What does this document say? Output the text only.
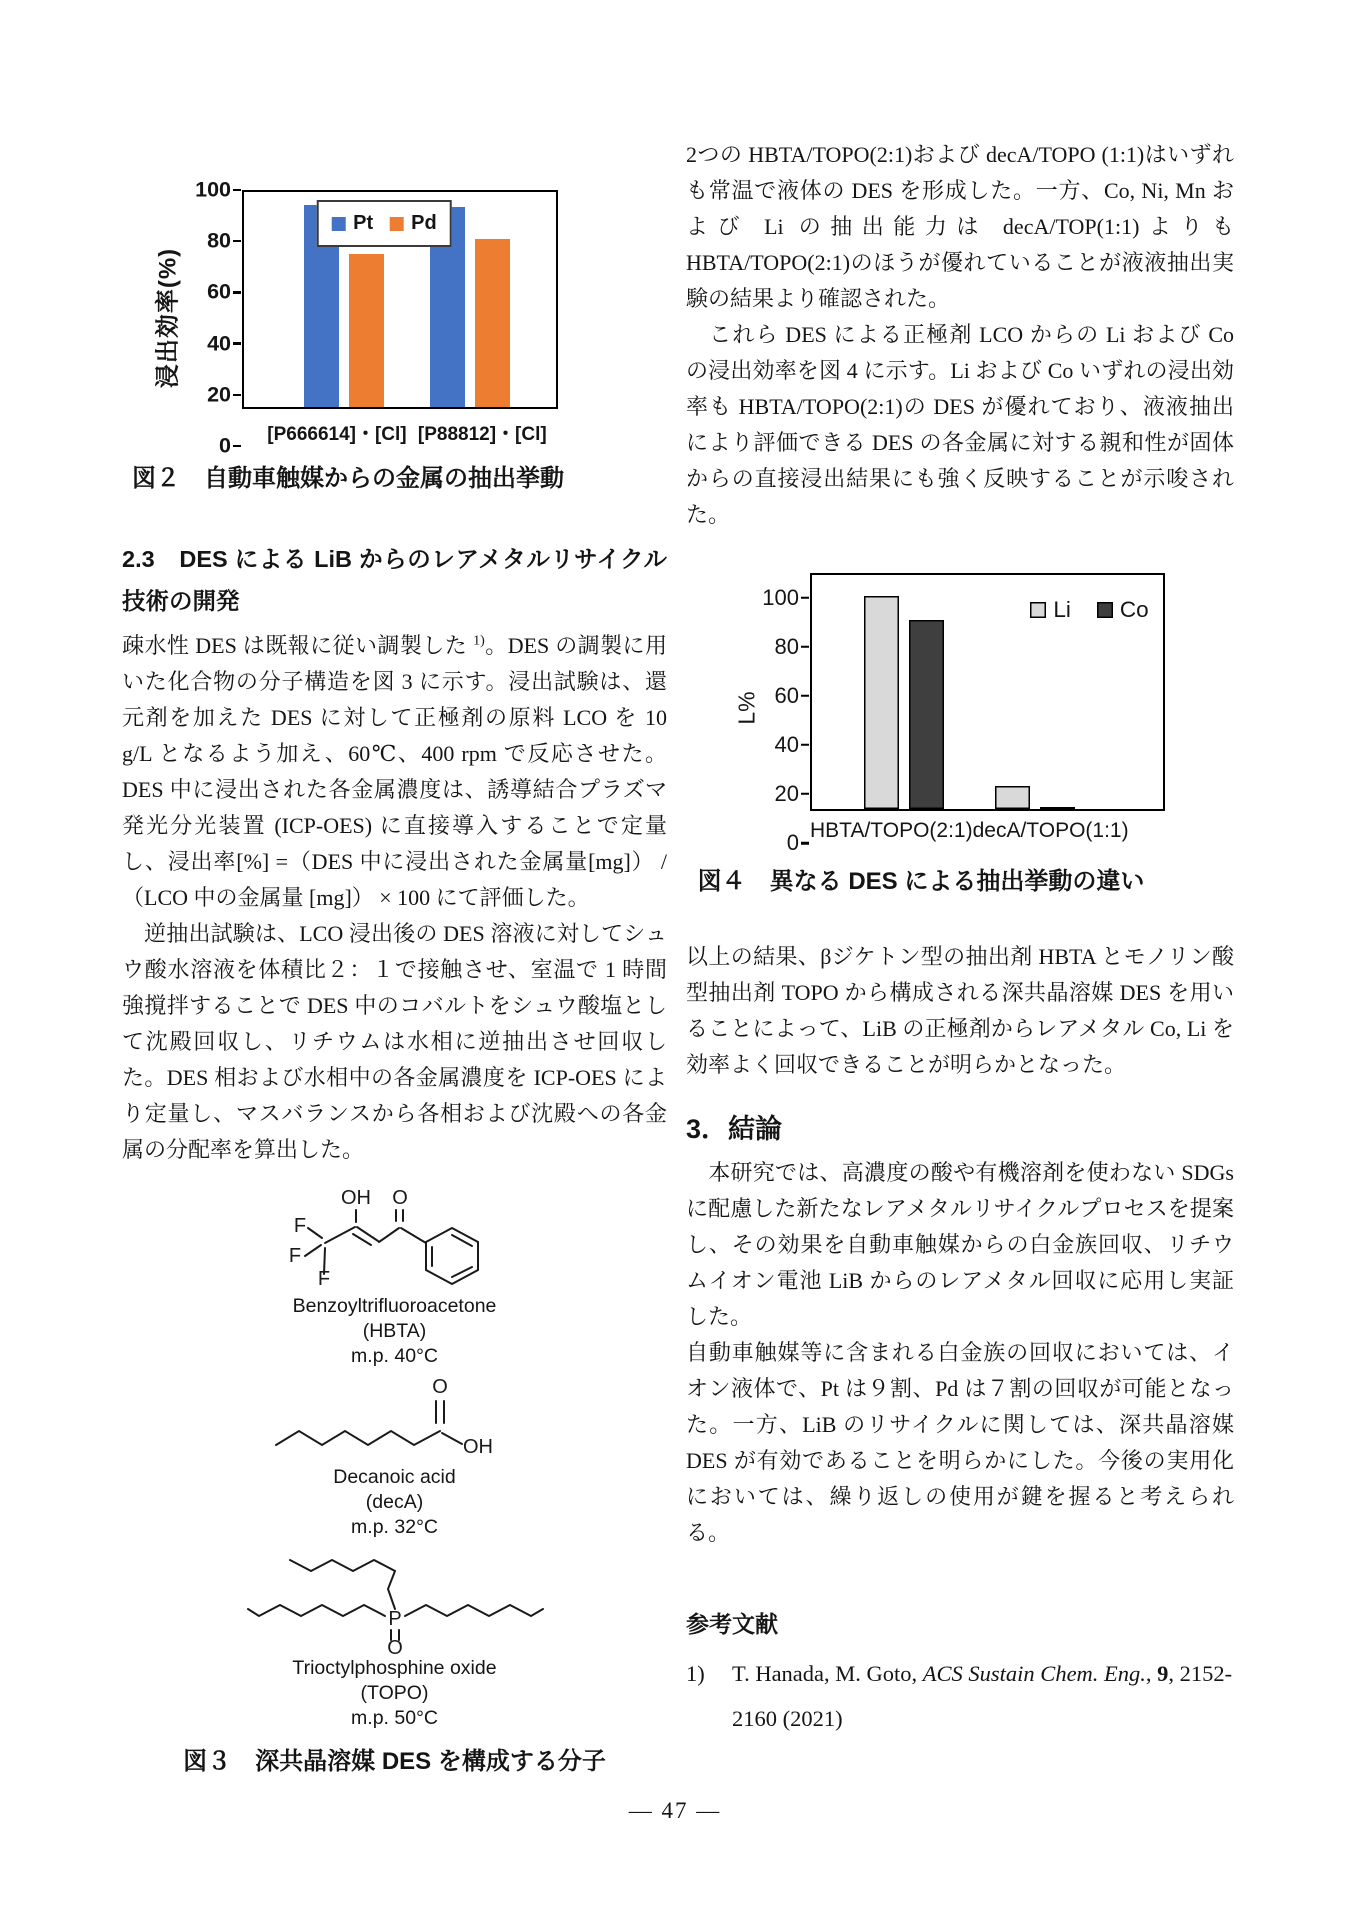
浸出効率(%)
0
20
40
60
80
100
Pt Pd
[P666614]・[Cl] [P88812]・[Cl]
図２　自動車触媒からの金属の抽出挙動
2.3　DES による LiB からのレアメタルリサイクル技術の開発

疎水性 DES は既報に従い調製した $^{1)}$。DES の調製に用いた化合物の分子構造を図 3 に示す。浸出試験は、還元剤を加えた DES に対して正極剤の原料 LCO を 10 g/L となるよう加え、60℃、400 rpm で反応させた。DES 中に浸出された各金属濃度は、誘導結合プラズマ発光分光装置 (ICP-OES) に直接導入することで定量し、浸出率[%] =（DES 中に浸出された金属量[mg]） / （LCO 中の金属量 [mg]） × 100 にて評価した。

　逆抽出試験は、LCO 浸出後の DES 溶液に対してシュウ酸水溶液を体積比２：１で接触させ、室温で 1 時間強撹拌することで DES 中のコバルトをシュウ酸塩として沈殿回収し、リチウムは水相に逆抽出させ回収した。DES 相および水相中の各金属濃度を ICP-OES により定量し、マスバランスから各相および沈殿への各金属の分配率を算出した。

OH O
F
F
F
Benzoyltrifluoroacetone
(HBTA)
m.p. 40°C
O
OH
Decanoic acid
(decA)
m.p. 32°C
P
O
Trioctylphosphine oxide
(TOPO)
m.p. 50°C
図３　深共晶溶媒 DES を構成する分子

2つの HBTA/TOPO(2:1)および decA/TOPO (1:1)はいずれも常温で液体の DES を形成した。一方、Co, Ni, Mn および Li の抽出能力は decA/TOP(1:1)よりも HBTA/TOPO(2:1)のほうが優れていることが液液抽出実験の結果より確認された。

　これら DES による正極剤 LCO からの Li および Co の浸出効率を図 4 に示す。Li および Co いずれの浸出効率も HBTA/TOPO(2:1)の DES が優れており、液液抽出により評価できる DES の各金属に対する親和性が固体からの直接浸出結果にも強く反映することが示唆された。

L%
0
20
40
60
80
100	Li Co
HBTA/TOPO(2:1) decA/TOPO(1:1)
図４　異なる DES による抽出挙動の違い

以上の結果、βジケトン型の抽出剤 HBTA とモノリン酸型抽出剤 TOPO から構成される深共晶溶媒 DES を用いることによって、LiB の正極剤からレアメタル Co, Li を効率よく回収できることが明らかとなった。

3．結論

　本研究では、高濃度の酸や有機溶剤を使わない SDGs に配慮した新たなレアメタルリサイクルプロセスを提案し、その効果を自動車触媒からの白金族回収、リチウムイオン電池 LiB からのレアメタル回収に応用し実証した。

自動車触媒等に含まれる白金族の回収においては、イオン液体で、Pt は９割、Pd は７割の回収が可能となった。一方、LiB のリサイクルに関しては、深共晶溶媒 DES が有効であることを明らかにした。今後の実用化においては、繰り返しの使用が鍵を握ると考えられる。

参考文献

1) T. Hanada, M. Goto, ACS Sustain Chem. Eng., 9, 2152-2160 (2021)

— 47 —
